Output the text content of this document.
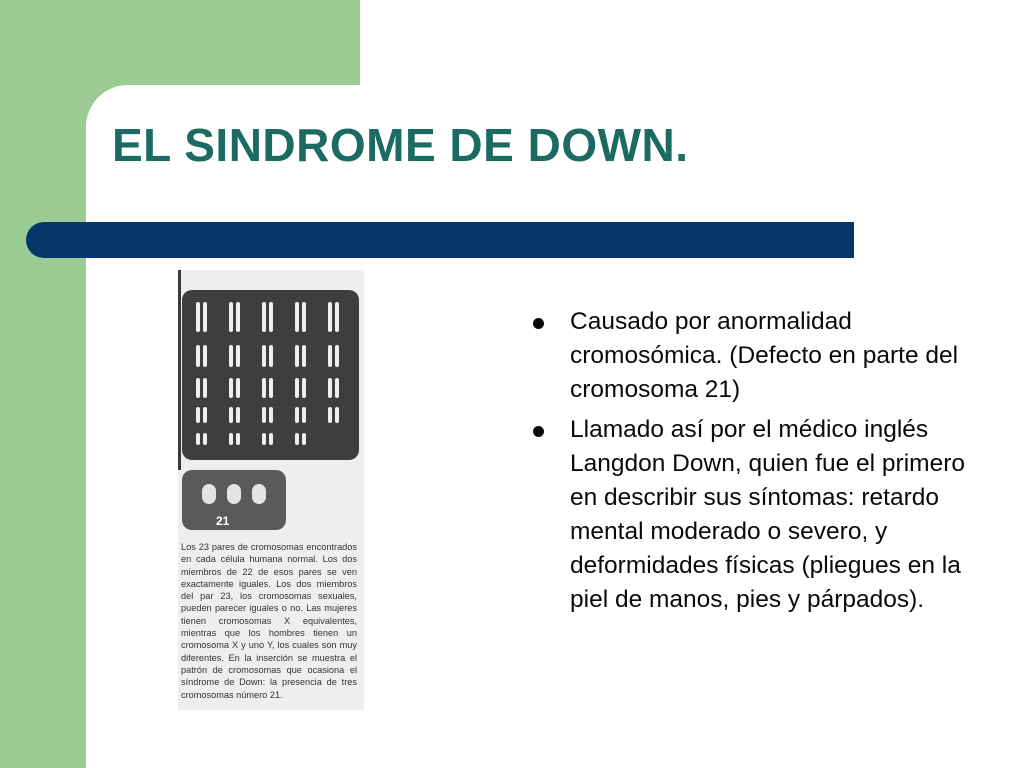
EL SINDROME DE DOWN.
21
Los 23 pares de cromosomas encontrados en cada célula humana normal. Los dos miembros de 22 de esos pares se ven exactamente iguales. Los dos miembros del par 23, los cromosomas sexuales, pueden parecer iguales o no. Las mujeres tienen cromosomas X equivalentes, mientras que los hombres tienen un cromosoma X y uno Y, los cuales son muy diferentes. En la inserción se muestra el patrón de cromosomas que ocasiona el síndrome de Down: la presencia de tres cromosomas número 21.
Causado por anormalidad cromosómica. (Defecto en parte del cromosoma 21)
Llamado así por el médico inglés Langdon Down, quien fue el primero en describir sus síntomas: retardo mental moderado o severo, y deformidades físicas (pliegues en la piel de manos, pies y párpados).
